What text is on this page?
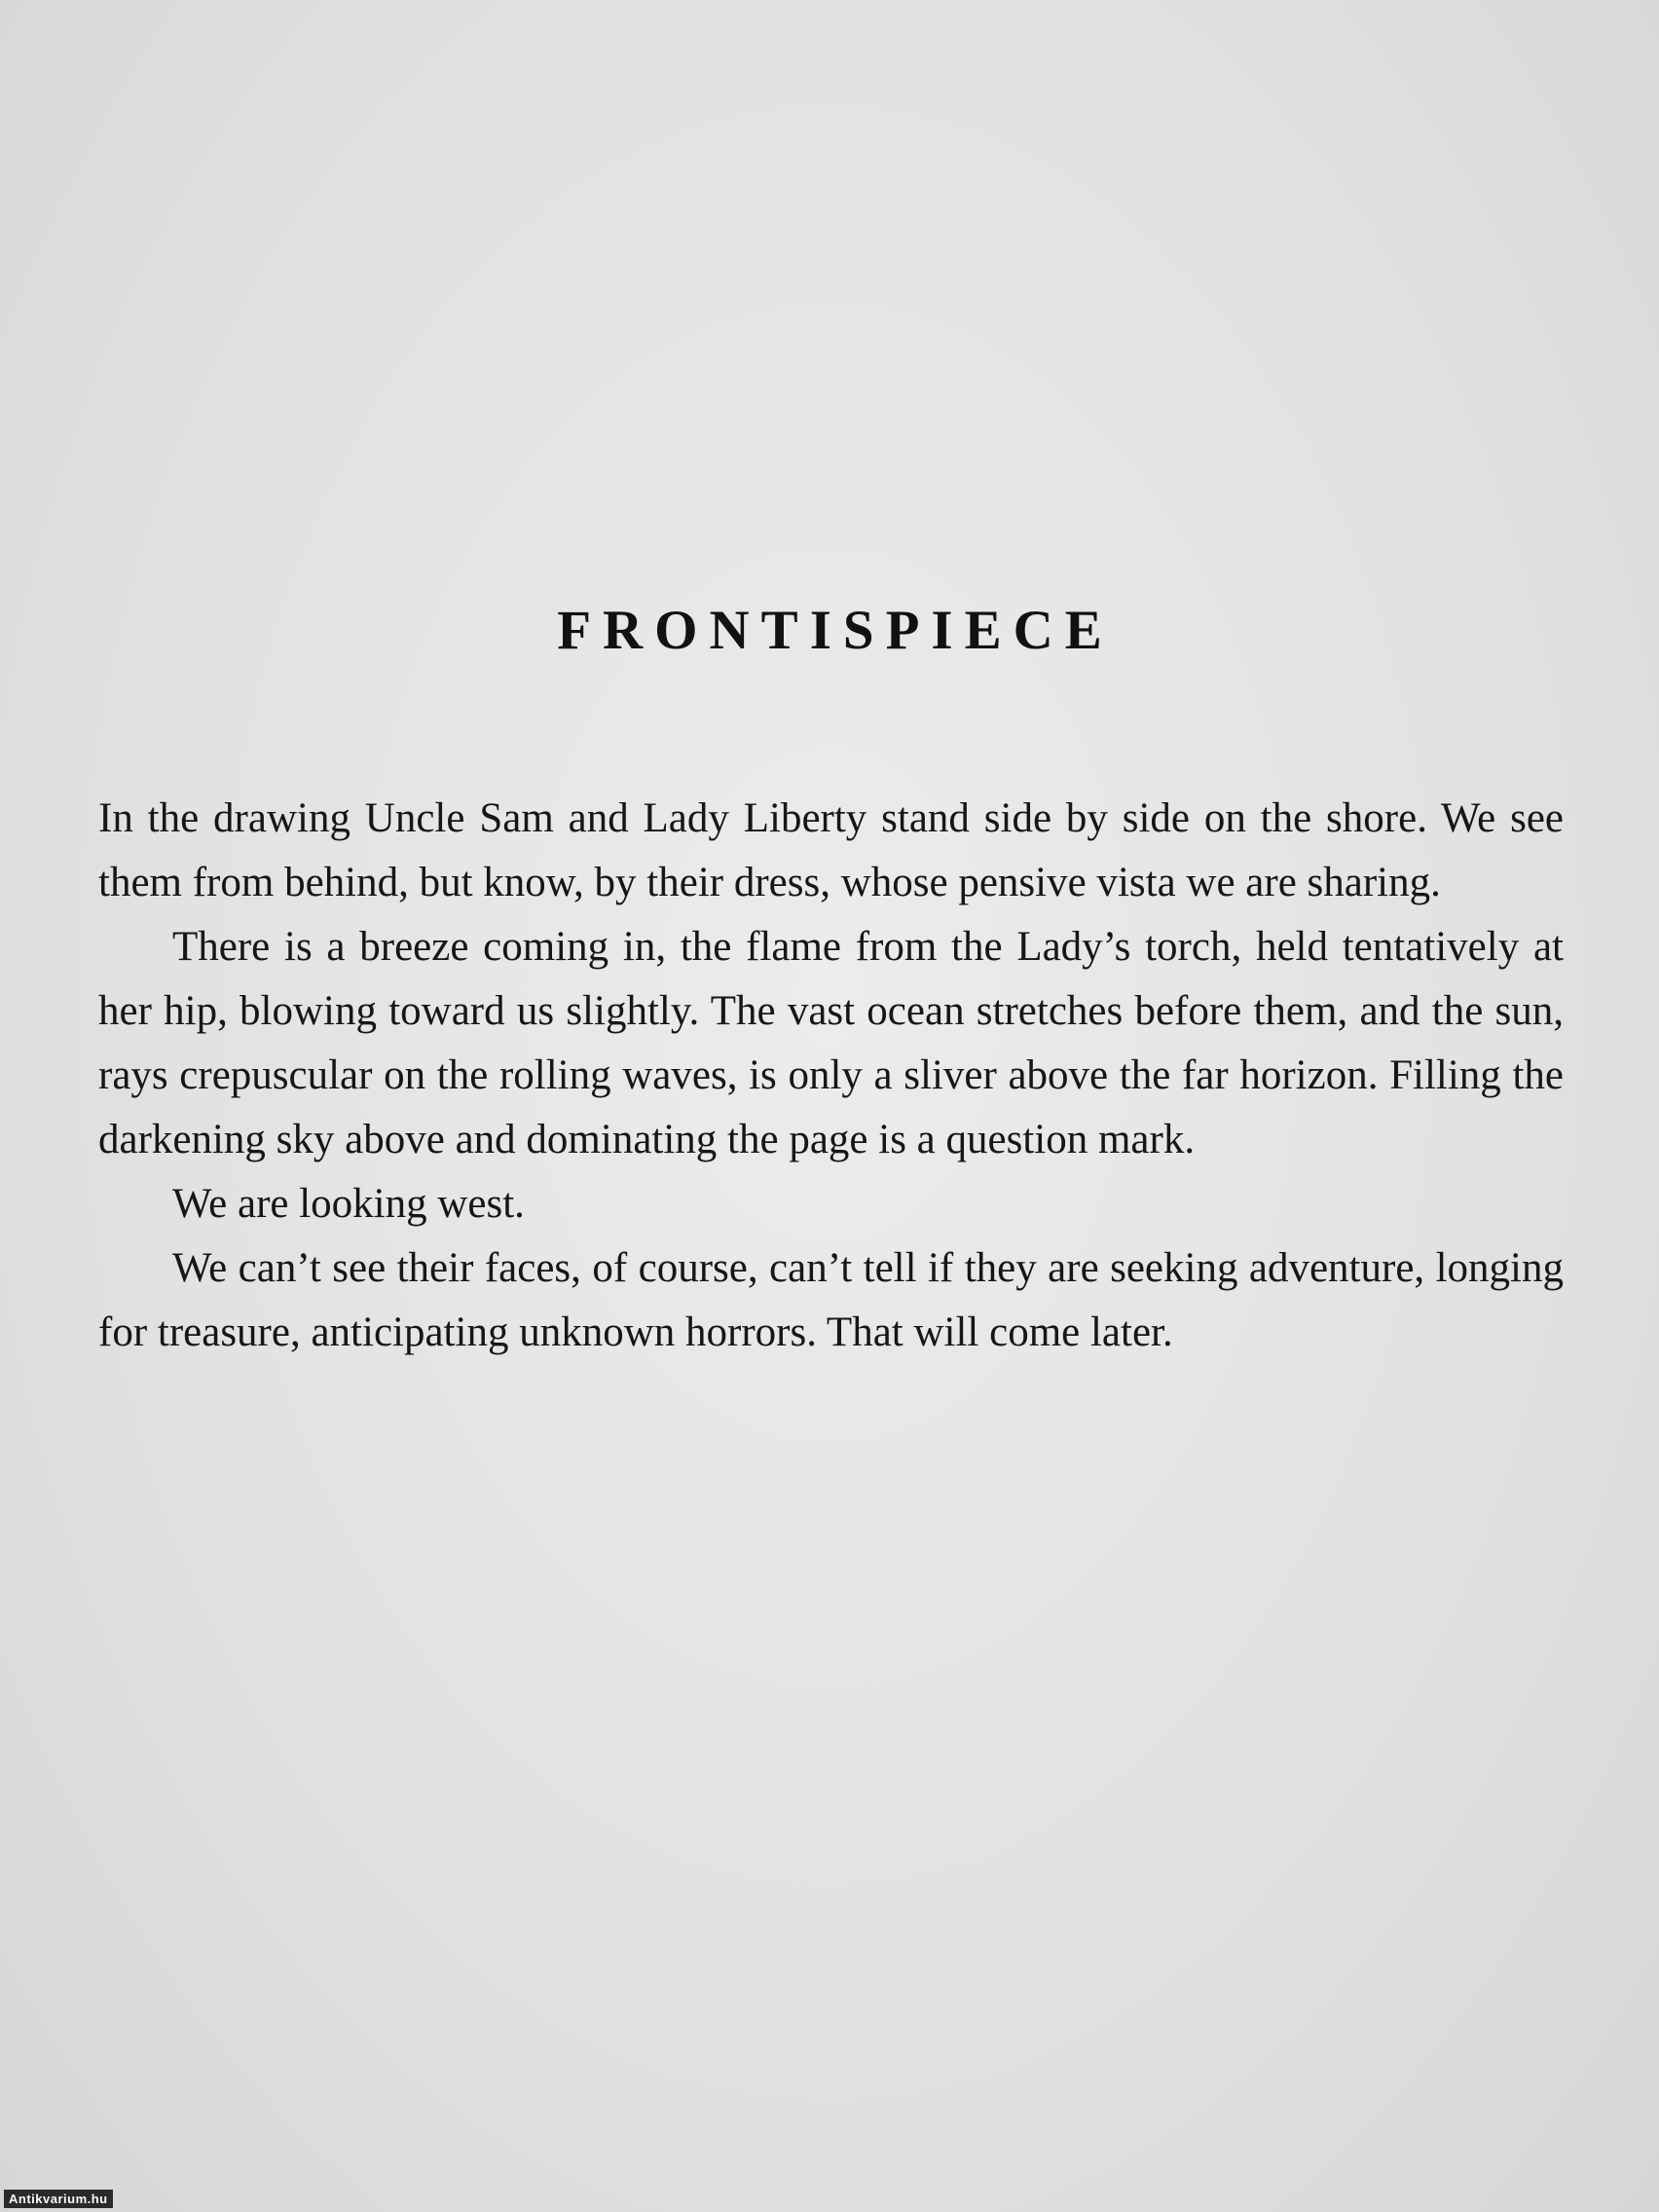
FRONTISPIECE

In the drawing Uncle Sam and Lady Liberty stand side by side on the shore. We see them from behind, but know, by their dress, whose pensive vista we are sharing.

There is a breeze coming in, the flame from the Lady’s torch, held tentatively at her hip, blowing toward us slightly. The vast ocean stretches before them, and the sun, rays crepuscular on the rolling waves, is only a sliver above the far horizon. Filling the darkening sky above and dominating the page is a question mark.

We are looking west.

We can’t see their faces, of course, can’t tell if they are seeking adventure, longing for treasure, anticipating unknown horrors. That will come later.

Antikvarium.hu
